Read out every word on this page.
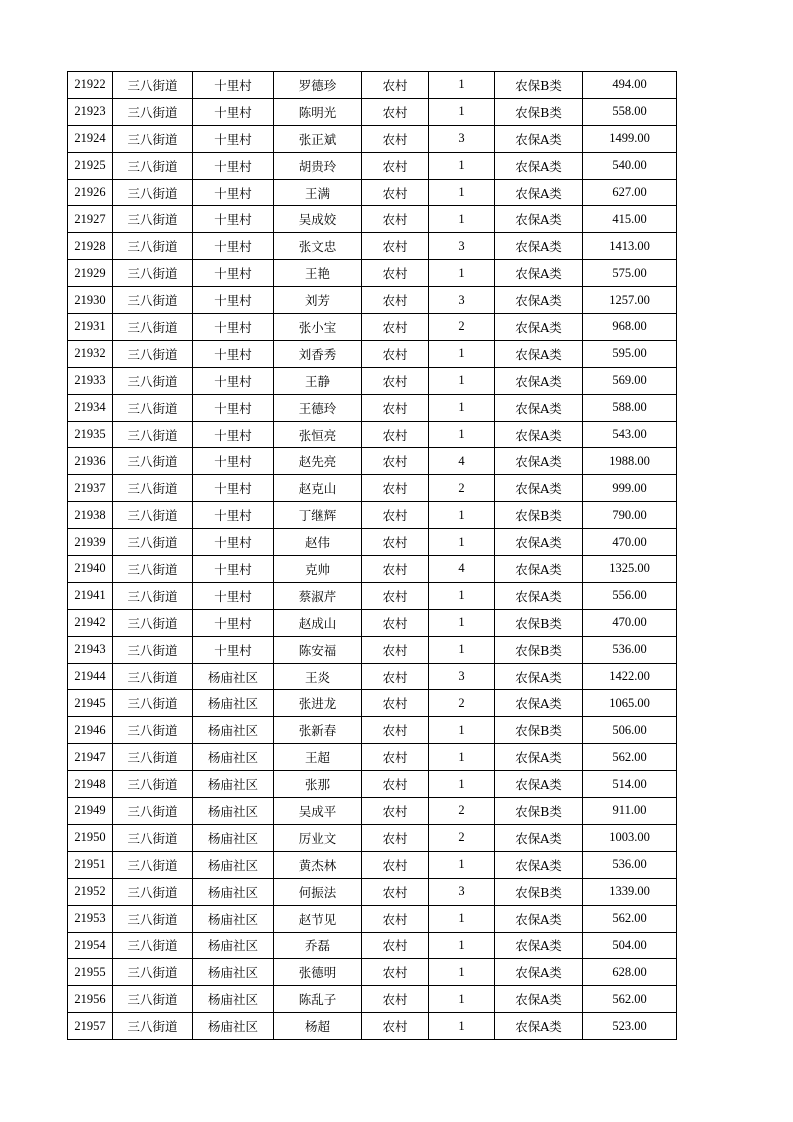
21922	三八街道	十里村	罗德珍	农村	1	农保B类	494.00
21923	三八街道	十里村	陈明光	农村	1	农保B类	558.00
21924	三八街道	十里村	张正斌	农村	3	农保A类	1499.00
21925	三八街道	十里村	胡贵玲	农村	1	农保A类	540.00
21926	三八街道	十里村	王满	农村	1	农保A类	627.00
21927	三八街道	十里村	吴成姣	农村	1	农保A类	415.00
21928	三八街道	十里村	张文忠	农村	3	农保A类	1413.00
21929	三八街道	十里村	王艳	农村	1	农保A类	575.00
21930	三八街道	十里村	刘芳	农村	3	农保A类	1257.00
21931	三八街道	十里村	张小宝	农村	2	农保A类	968.00
21932	三八街道	十里村	刘香秀	农村	1	农保A类	595.00
21933	三八街道	十里村	王静	农村	1	农保A类	569.00
21934	三八街道	十里村	王德玲	农村	1	农保A类	588.00
21935	三八街道	十里村	张恒亮	农村	1	农保A类	543.00
21936	三八街道	十里村	赵先亮	农村	4	农保A类	1988.00
21937	三八街道	十里村	赵克山	农村	2	农保A类	999.00
21938	三八街道	十里村	丁继辉	农村	1	农保B类	790.00
21939	三八街道	十里村	赵伟	农村	1	农保A类	470.00
21940	三八街道	十里村	克帅	农村	4	农保A类	1325.00
21941	三八街道	十里村	蔡淑芹	农村	1	农保A类	556.00
21942	三八街道	十里村	赵成山	农村	1	农保B类	470.00
21943	三八街道	十里村	陈安福	农村	1	农保B类	536.00
21944	三八街道	杨庙社区	王炎	农村	3	农保A类	1422.00
21945	三八街道	杨庙社区	张进龙	农村	2	农保A类	1065.00
21946	三八街道	杨庙社区	张新春	农村	1	农保B类	506.00
21947	三八街道	杨庙社区	王超	农村	1	农保A类	562.00
21948	三八街道	杨庙社区	张那	农村	1	农保A类	514.00
21949	三八街道	杨庙社区	吴成平	农村	2	农保B类	911.00
21950	三八街道	杨庙社区	厉业文	农村	2	农保A类	1003.00
21951	三八街道	杨庙社区	黄杰林	农村	1	农保A类	536.00
21952	三八街道	杨庙社区	何振法	农村	3	农保B类	1339.00
21953	三八街道	杨庙社区	赵节见	农村	1	农保A类	562.00
21954	三八街道	杨庙社区	乔磊	农村	1	农保A类	504.00
21955	三八街道	杨庙社区	张德明	农村	1	农保A类	628.00
21956	三八街道	杨庙社区	陈乱子	农村	1	农保A类	562.00
21957	三八街道	杨庙社区	杨超	农村	1	农保A类	523.00
